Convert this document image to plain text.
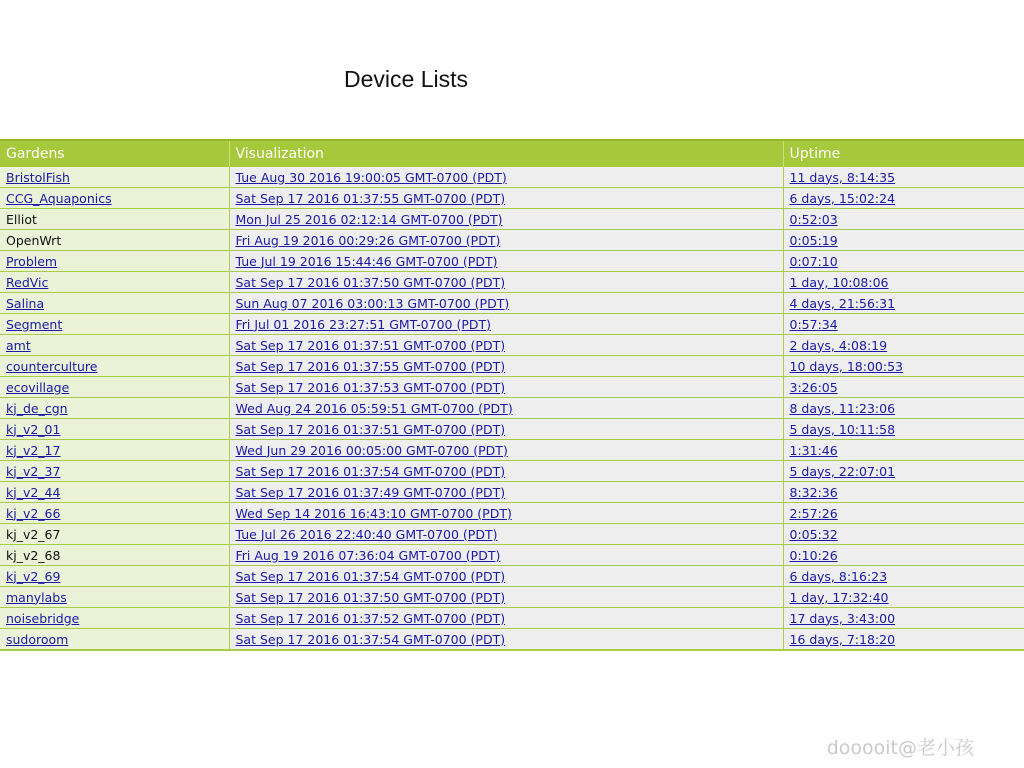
Device Lists
Gardens	Visualization	Uptime
BristolFish	Tue Aug 30 2016 19:00:05 GMT-0700 (PDT)	11 days, 8:14:35
CCG_Aquaponics	Sat Sep 17 2016 01:37:55 GMT-0700 (PDT)	6 days, 15:02:24
Elliot	Mon Jul 25 2016 02:12:14 GMT-0700 (PDT)	0:52:03
OpenWrt	Fri Aug 19 2016 00:29:26 GMT-0700 (PDT)	0:05:19
Problem	Tue Jul 19 2016 15:44:46 GMT-0700 (PDT)	0:07:10
RedVic	Sat Sep 17 2016 01:37:50 GMT-0700 (PDT)	1 day, 10:08:06
Salina	Sun Aug 07 2016 03:00:13 GMT-0700 (PDT)	4 days, 21:56:31
Segment	Fri Jul 01 2016 23:27:51 GMT-0700 (PDT)	0:57:34
amt	Sat Sep 17 2016 01:37:51 GMT-0700 (PDT)	2 days, 4:08:19
counterculture	Sat Sep 17 2016 01:37:55 GMT-0700 (PDT)	10 days, 18:00:53
ecovillage	Sat Sep 17 2016 01:37:53 GMT-0700 (PDT)	3:26:05
kj_de_cgn	Wed Aug 24 2016 05:59:51 GMT-0700 (PDT)	8 days, 11:23:06
kj_v2_01	Sat Sep 17 2016 01:37:51 GMT-0700 (PDT)	5 days, 10:11:58
kj_v2_17	Wed Jun 29 2016 00:05:00 GMT-0700 (PDT)	1:31:46
kj_v2_37	Sat Sep 17 2016 01:37:54 GMT-0700 (PDT)	5 days, 22:07:01
kj_v2_44	Sat Sep 17 2016 01:37:49 GMT-0700 (PDT)	8:32:36
kj_v2_66	Wed Sep 14 2016 16:43:10 GMT-0700 (PDT)	2:57:26
kj_v2_67	Tue Jul 26 2016 22:40:40 GMT-0700 (PDT)	0:05:32
kj_v2_68	Fri Aug 19 2016 07:36:04 GMT-0700 (PDT)	0:10:26
kj_v2_69	Sat Sep 17 2016 01:37:54 GMT-0700 (PDT)	6 days, 8:16:23
manylabs	Sat Sep 17 2016 01:37:50 GMT-0700 (PDT)	1 day, 17:32:40
noisebridge	Sat Sep 17 2016 01:37:52 GMT-0700 (PDT)	17 days, 3:43:00
sudoroom	Sat Sep 17 2016 01:37:54 GMT-0700 (PDT)	16 days, 7:18:20
dooooit@老小孩
